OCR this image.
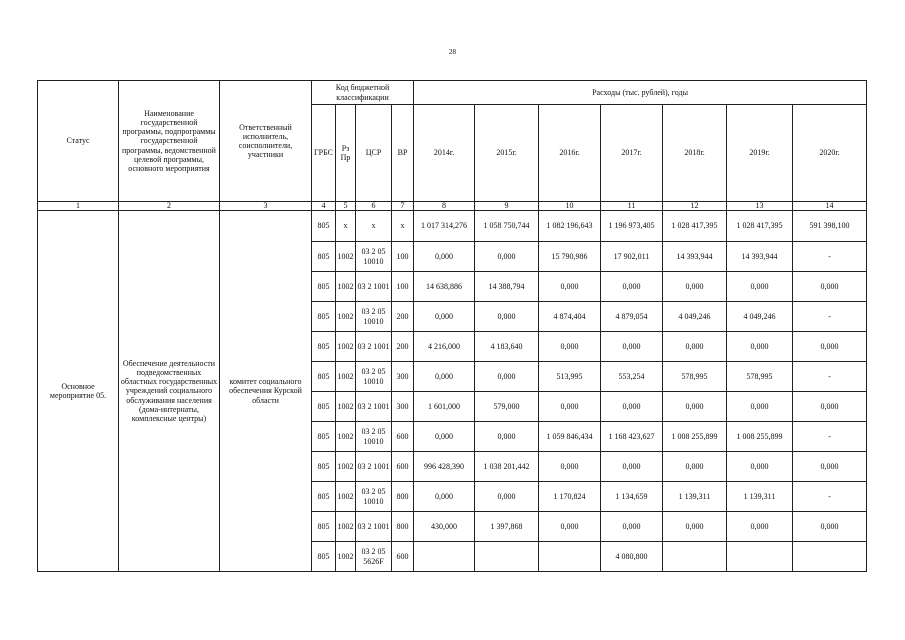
28
Статус	Наименование государственной программы, подпрограммы государственной программы, ведомственной целевой программы, основного мероприятия	Ответственный исполнитель, соисполнители, участники	Код бюджетной классификации				Расходы (тыс. рублей), годы						
			ГРБС	Рз Пр	ЦСР	ВР	2014г.	2015г.	2016г.	2017г.	2018г.	2019г.	2020г.
1	2	3	4	5	6	7	8	9	10	11	12	13	14
Основное мероприятие 05.	Обеспечение деятельности подведомственных областных государственных учреждений социального обслуживания населения (дома-интернаты, комплексные центры)	комитет социального обеспечения Курской области	805	х	х	х	1 017 314,276	1 058 750,744	1 082 196,643	1 196 973,405	1 028 417,395	1 028 417,395	591 398,100
			805	1002	03 2 05 10010	100	0,000	0,000	15 790,986	17 902,011	14 393,944	14 393,944	-
			805	1002	03 2 1001	100	14 638,886	14 388,794	0,000	0,000	0,000	0,000	0,000
			805	1002	03 2 05 10010	200	0,000	0,000	4 874,404	4 879,054	4 049,246	4 049,246	-
			805	1002	03 2 1001	200	4 216,000	4 183,640	0,000	0,000	0,000	0,000	0,000
			805	1002	03 2 05 10010	300	0,000	0,000	513,995	553,254	578,995	578,995	-
			805	1002	03 2 1001	300	1 601,000	579,000	0,000	0,000	0,000	0,000	0,000
			805	1002	03 2 05 10010	600	0,000	0,000	1 059 846,434	1 168 423,627	1 008 255,899	1 008 255,899	-
			805	1002	03 2 1001	600	996 428,390	1 038 201,442	0,000	0,000	0,000	0,000	0,000
			805	1002	03 2 05 10010	800	0,000	0,000	1 170,824	1 134,659	1 139,311	1 139,311	-
			805	1002	03 2 1001	800	430,000	1 397,868	0,000	0,000	0,000	0,000	0,000
			805	1002	03 2 05 5626F	600				4 080,800			
